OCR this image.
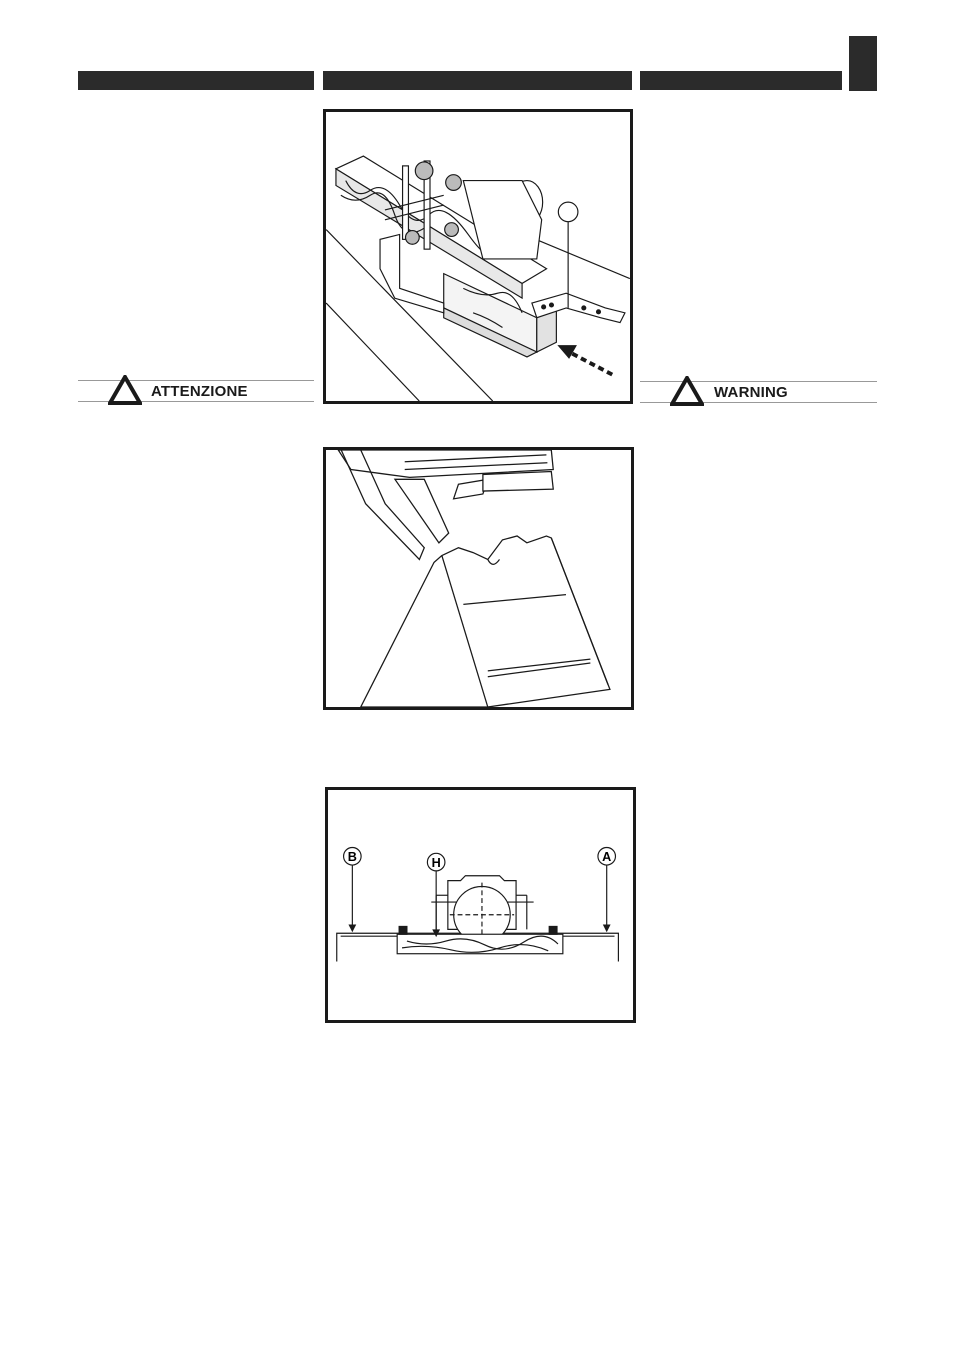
ATTENZIONE	WARNING
B	H	A
